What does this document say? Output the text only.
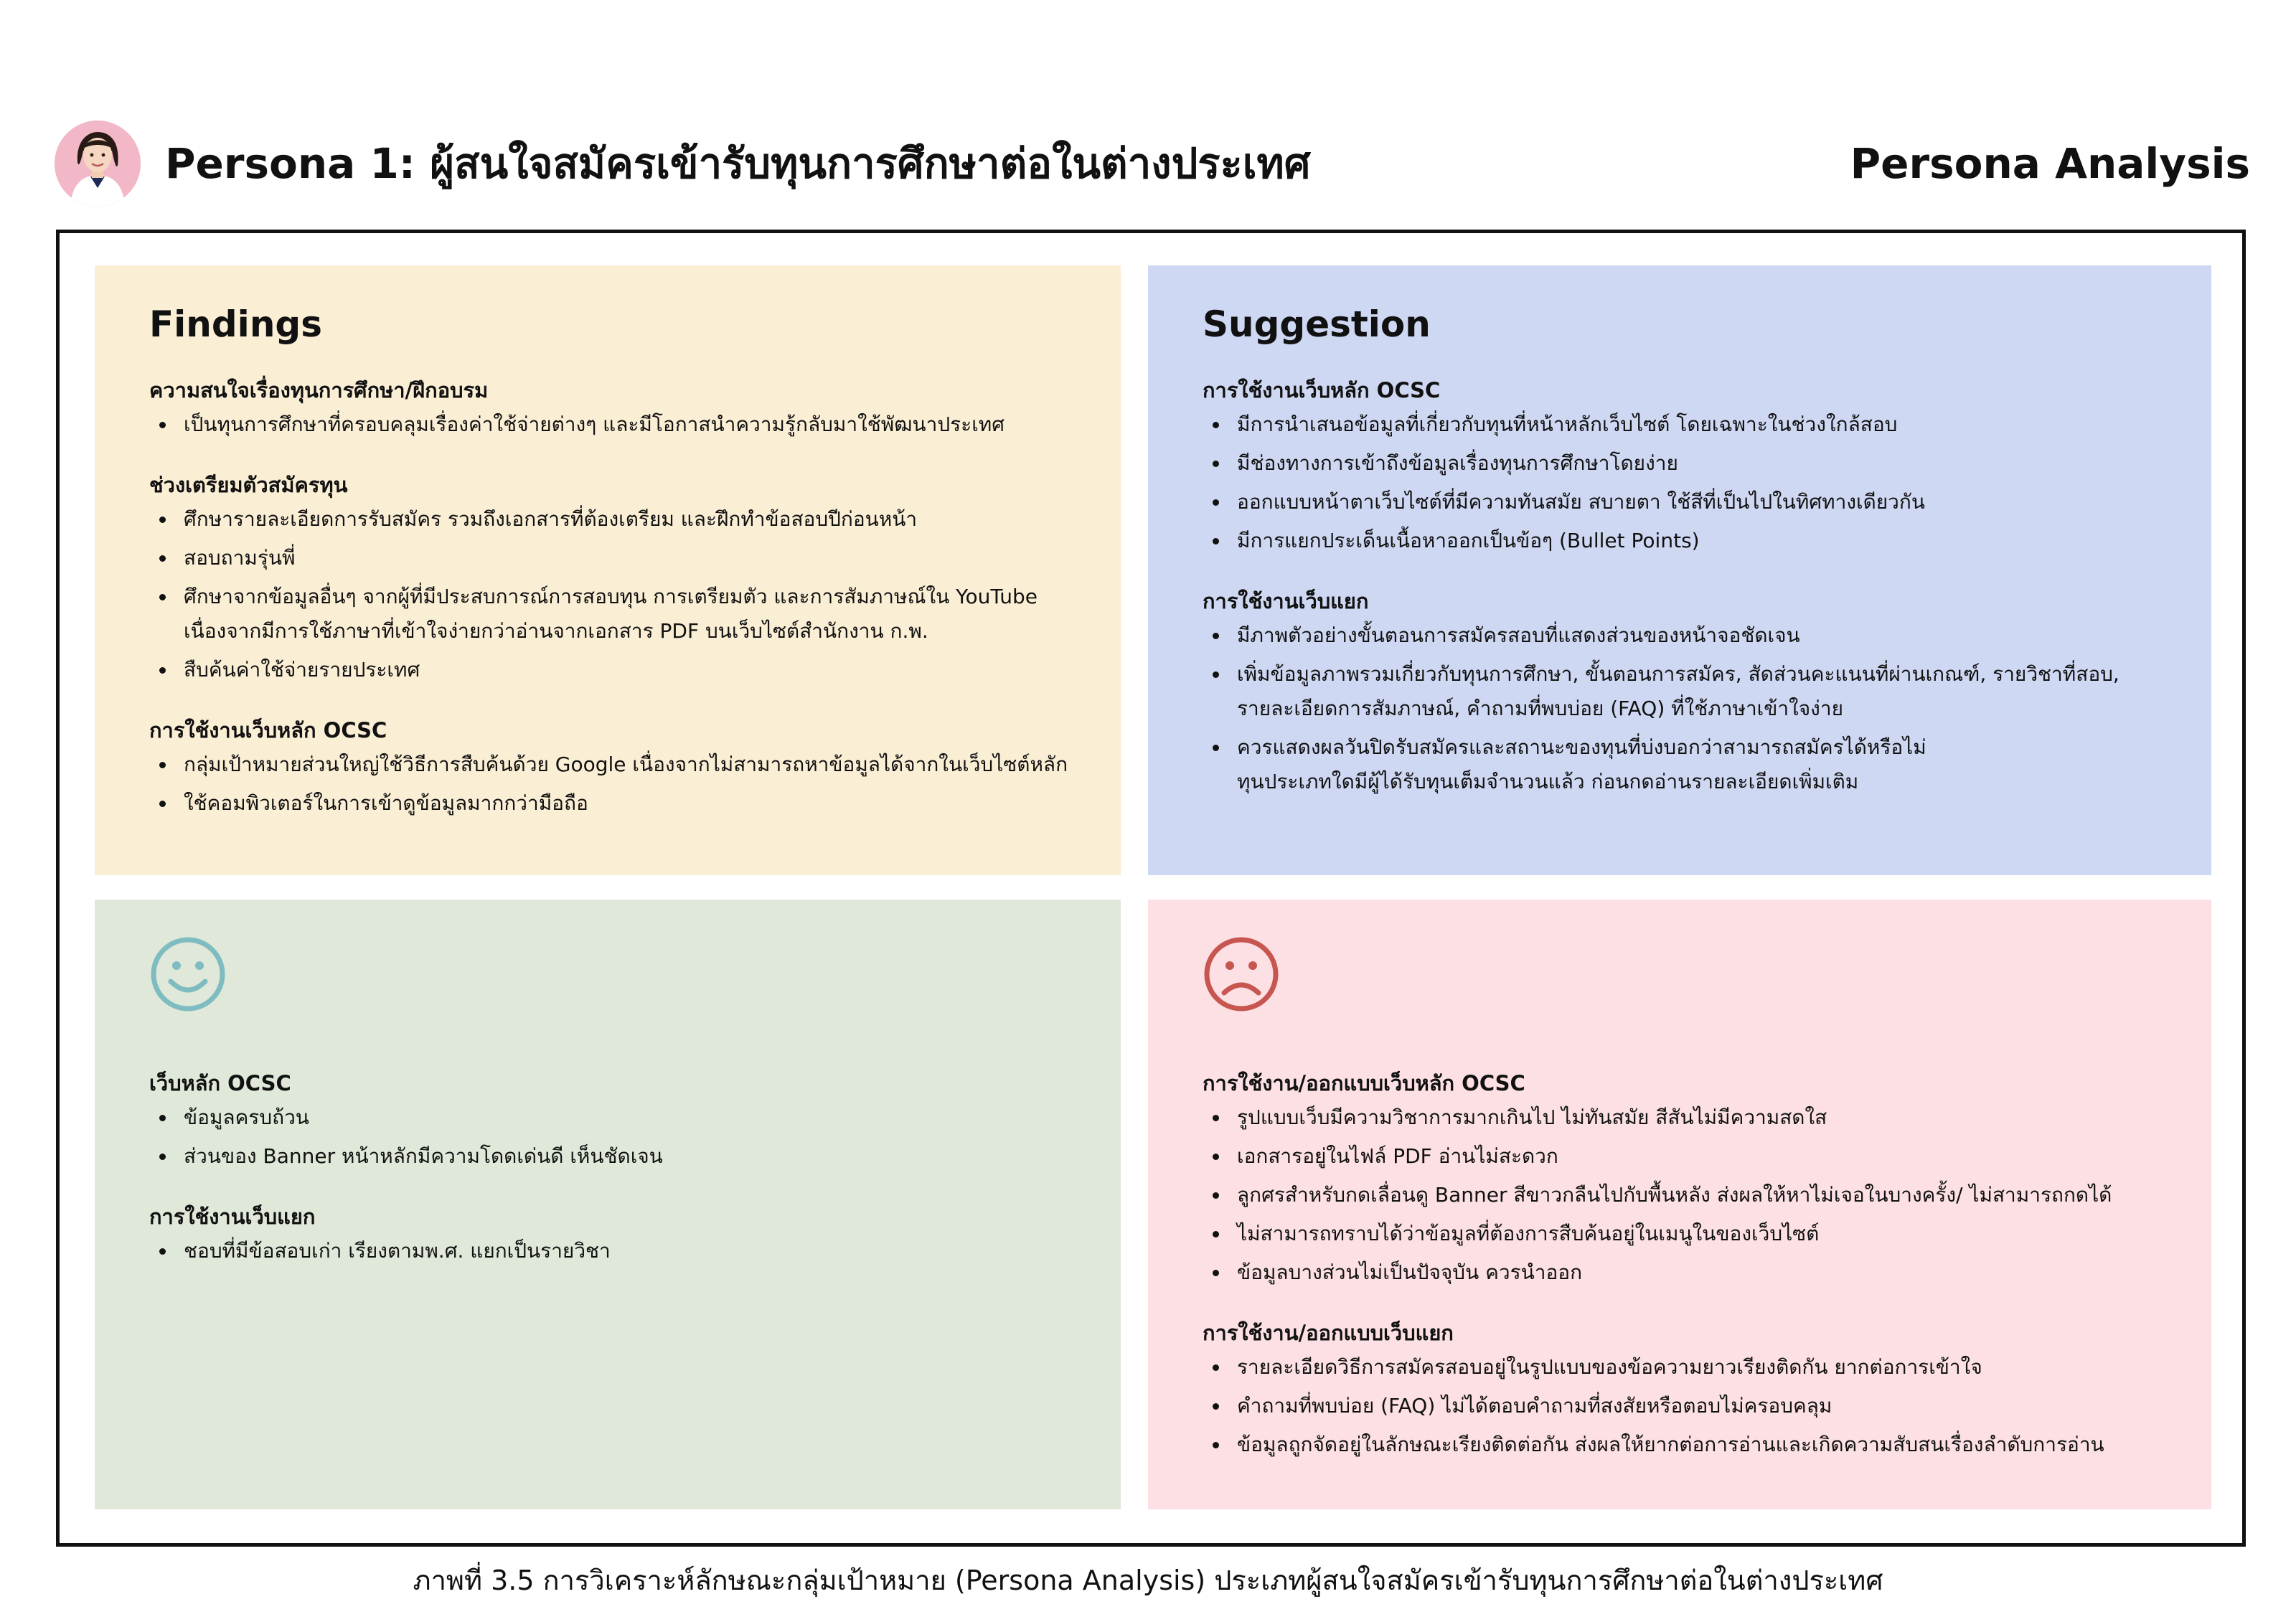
Persona 1: ผู้สนใจสมัครเข้ารับทุนการศึกษาต่อในต่างประเทศ	Persona Analysis
Findings
ความสนใจเรื่องทุนการศึกษา/ฝึกอบรม
เป็นทุนการศึกษาที่ครอบคลุมเรื่องค่าใช้จ่ายต่างๆ และมีโอกาสนำความรู้กลับมาใช้พัฒนาประเทศ
ช่วงเตรียมตัวสมัครทุน
ศึกษารายละเอียดการรับสมัคร รวมถึงเอกสารที่ต้องเตรียม และฝึกทำข้อสอบปีก่อนหน้า
สอบถามรุ่นพี่
ศึกษาจากข้อมูลอื่นๆ จากผู้ที่มีประสบการณ์การสอบทุน การเตรียมตัว และการสัมภาษณ์ใน YouTube
เนื่องจากมีการใช้ภาษาที่เข้าใจง่ายกว่าอ่านจากเอกสาร PDF บนเว็บไซต์สำนักงาน ก.พ.
สืบค้นค่าใช้จ่ายรายประเทศ
การใช้งานเว็บหลัก OCSC
กลุ่มเป้าหมายส่วนใหญ่ใช้วิธีการสืบค้นด้วย Google เนื่องจากไม่สามารถหาข้อมูลได้จากในเว็บไซต์หลัก
ใช้คอมพิวเตอร์ในการเข้าดูข้อมูลมากกว่ามือถือ
Suggestion
การใช้งานเว็บหลัก OCSC
มีการนำเสนอข้อมูลที่เกี่ยวกับทุนที่หน้าหลักเว็บไซต์ โดยเฉพาะในช่วงใกล้สอบ
มีช่องทางการเข้าถึงข้อมูลเรื่องทุนการศึกษาโดยง่าย
ออกแบบหน้าตาเว็บไซต์ที่มีความทันสมัย สบายตา ใช้สีที่เป็นไปในทิศทางเดียวกัน
มีการแยกประเด็นเนื้อหาออกเป็นข้อๆ (Bullet Points)
การใช้งานเว็บแยก
มีภาพตัวอย่างขั้นตอนการสมัครสอบที่แสดงส่วนของหน้าจอชัดเจน
เพิ่มข้อมูลภาพรวมเกี่ยวกับทุนการศึกษา, ขั้นตอนการสมัคร, สัดส่วนคะแนนที่ผ่านเกณฑ์, รายวิชาที่สอบ,
รายละเอียดการสัมภาษณ์, คำถามที่พบบ่อย (FAQ) ที่ใช้ภาษาเข้าใจง่าย
ควรแสดงผลวันปิดรับสมัครและสถานะของทุนที่บ่งบอกว่าสามารถสมัครได้หรือไม่
ทุนประเภทใดมีผู้ได้รับทุนเต็มจำนวนแล้ว ก่อนกดอ่านรายละเอียดเพิ่มเติม
เว็บหลัก OCSC
ข้อมูลครบถ้วน
ส่วนของ Banner หน้าหลักมีความโดดเด่นดี เห็นชัดเจน
การใช้งานเว็บแยก
ชอบที่มีข้อสอบเก่า เรียงตามพ.ศ. แยกเป็นรายวิชา
การใช้งาน/ออกแบบเว็บหลัก OCSC
รูปแบบเว็บมีความวิชาการมากเกินไป ไม่ทันสมัย สีสันไม่มีความสดใส
เอกสารอยู่ในไฟล์ PDF อ่านไม่สะดวก
ลูกศรสำหรับกดเลื่อนดู Banner สีขาวกลืนไปกับพื้นหลัง ส่งผลให้หาไม่เจอในบางครั้ง/ ไม่สามารถกดได้
ไม่สามารถทราบได้ว่าข้อมูลที่ต้องการสืบค้นอยู่ในเมนูในของเว็บไซต์
ข้อมูลบางส่วนไม่เป็นปัจจุบัน ควรนำออก
การใช้งาน/ออกแบบเว็บแยก
รายละเอียดวิธีการสมัครสอบอยู่ในรูปแบบของข้อความยาวเรียงติดกัน ยากต่อการเข้าใจ
คำถามที่พบบ่อย (FAQ) ไม่ได้ตอบคำถามที่สงสัยหรือตอบไม่ครอบคลุม
ข้อมูลถูกจัดอยู่ในลักษณะเรียงติดต่อกัน ส่งผลให้ยากต่อการอ่านและเกิดความสับสนเรื่องลำดับการอ่าน
ภาพที่ 3.5 การวิเคราะห์ลักษณะกลุ่มเป้าหมาย (Persona Analysis) ประเภทผู้สนใจสมัครเข้ารับทุนการศึกษาต่อในต่างประเทศ
